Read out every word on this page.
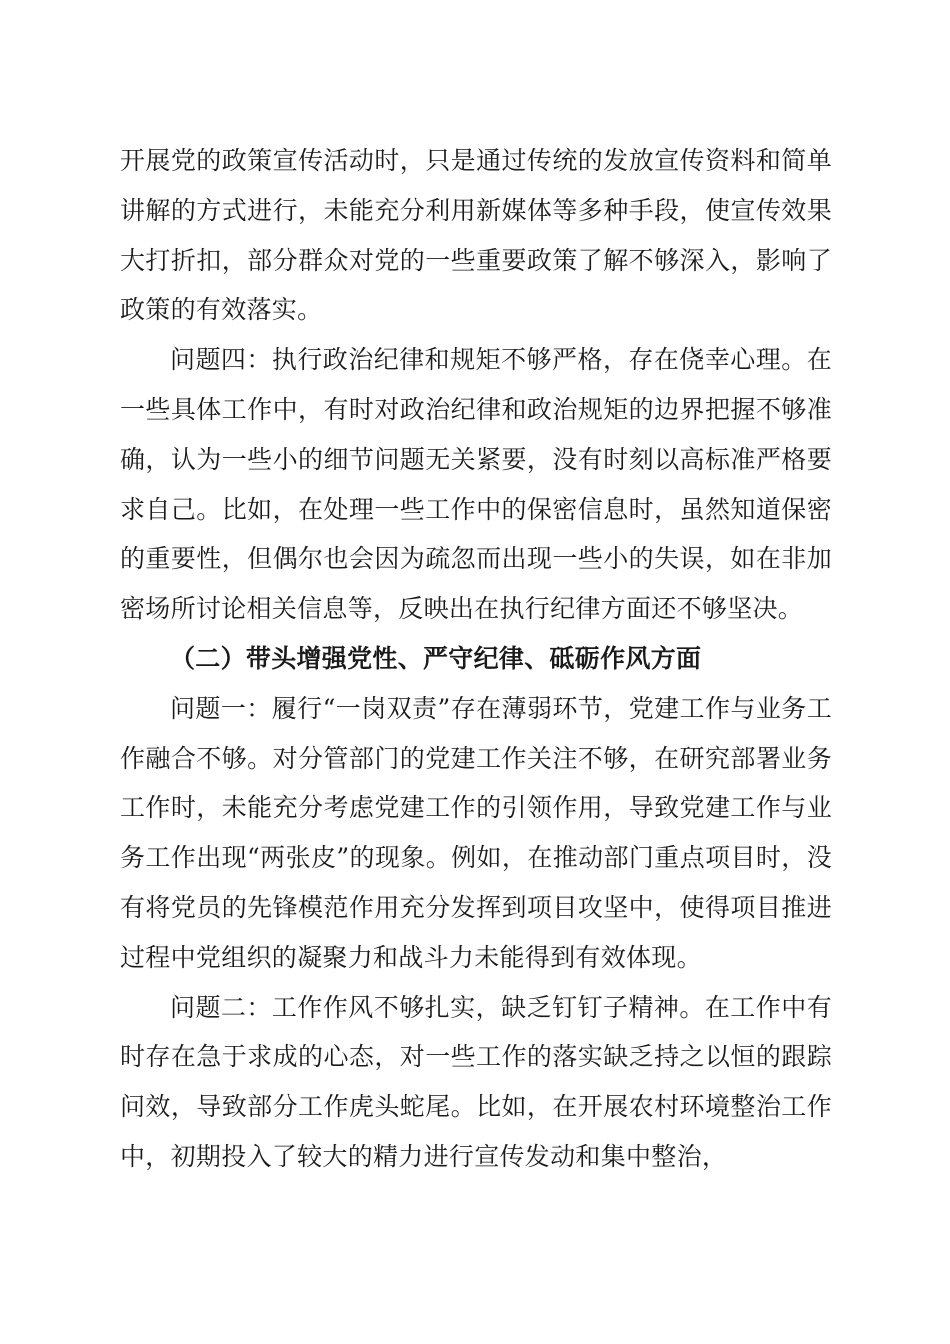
开展党的政策宣传活动时，只是通过传统的发放宣传资料和简单讲解的方式进行，未能充分利用新媒体等多种手段，使宣传效果大打折扣，部分群众对党的一些重要政策了解不够深入，影响了政策的有效落实。

问题四：执行政治纪律和规矩不够严格，存在侥幸心理。在一些具体工作中，有时对政治纪律和政治规矩的边界把握不够准确，认为一些小的细节问题无关紧要，没有时刻以高标准严格要求自己。比如，在处理一些工作中的保密信息时，虽然知道保密的重要性，但偶尔也会因为疏忽而出现一些小的失误，如在非加密场所讨论相关信息等，反映出在执行纪律方面还不够坚决。

（二）带头增强党性、严守纪律、砥砺作风方面

问题一：履行“一岗双责”存在薄弱环节，党建工作与业务工作融合不够。对分管部门的党建工作关注不够，在研究部署业务工作时，未能充分考虑党建工作的引领作用，导致党建工作与业务工作出现“两张皮”的现象。例如，在推动部门重点项目时，没有将党员的先锋模范作用充分发挥到项目攻坚中，使得项目推进过程中党组织的凝聚力和战斗力未能得到有效体现。

问题二：工作作风不够扎实，缺乏钉钉子精神。在工作中有时存在急于求成的心态，对一些工作的落实缺乏持之以恒的跟踪问效，导致部分工作虎头蛇尾。比如，在开展农村环境整治工作中，初期投入了较大的精力进行宣传发动和集中整治，
